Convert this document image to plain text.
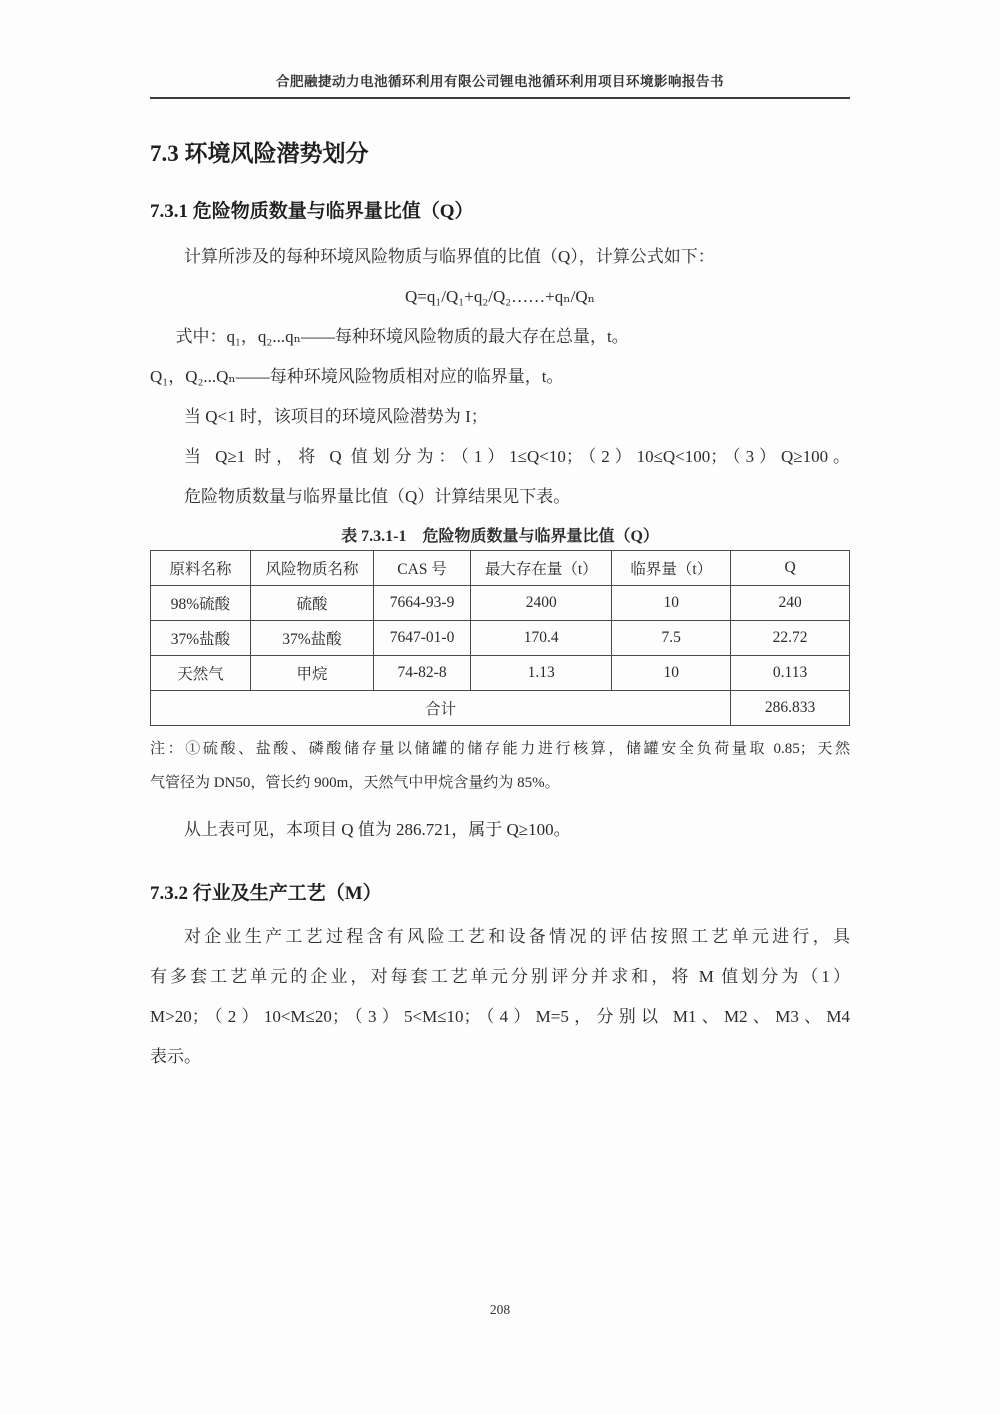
合肥融捷动力电池循环利用有限公司锂电池循环利用项目环境影响报告书
7.3 环境风险潜势划分
7.3.1 危险物质数量与临界量比值（Q）

计算所涉及的每种环境风险物质与临界值的比值（Q），计算公式如下：

Q=q₁/Q₁+q₂/Q₂……+qₙ/Qₙ

式中：q₁，q₂...qₙ——每种环境风险物质的最大存在总量，t。

Q₁，Q₂...Qₙ——每种环境风险物质相对应的临界量，t。

当 Q<1 时，该项目的环境风险潜势为 I；

当 Q≥1 时，将 Q 值划分为：（1）1≤Q<10；（2）10≤Q<100；（3）Q≥100。

危险物质数量与临界量比值（Q）计算结果见下表。

表 7.3.1-1　危险物质数量与临界量比值（Q）
原料名称	风险物质名称	CAS 号	最大存在量（t）	临界量（t）	Q
98%硫酸	硫酸	7664-93-9	2400	10	240
37%盐酸	37%盐酸	7647-01-0	170.4	7.5	22.72
天然气	甲烷	74-82-8	1.13	10	0.113
合计					286.833
注：①硫酸、盐酸、磷酸储存量以储罐的储存能力进行核算，储罐安全负荷量取 0.85；天然
气管径为 DN50，管长约 900m，天然气中甲烷含量约为 85%。

从上表可见，本项目 Q 值为 286.721，属于 Q≥100。

7.3.2 行业及生产工艺（M）
对企业生产工艺过程含有风险工艺和设备情况的评估按照工艺单元进行，具
有多套工艺单元的企业，对每套工艺单元分别评分并求和，将 M 值划分为（1）
M>20；（2）10<M≤20；（3）5<M≤10；（4）M=5，分别以 M1、M2、M3、M4
表示。
208
